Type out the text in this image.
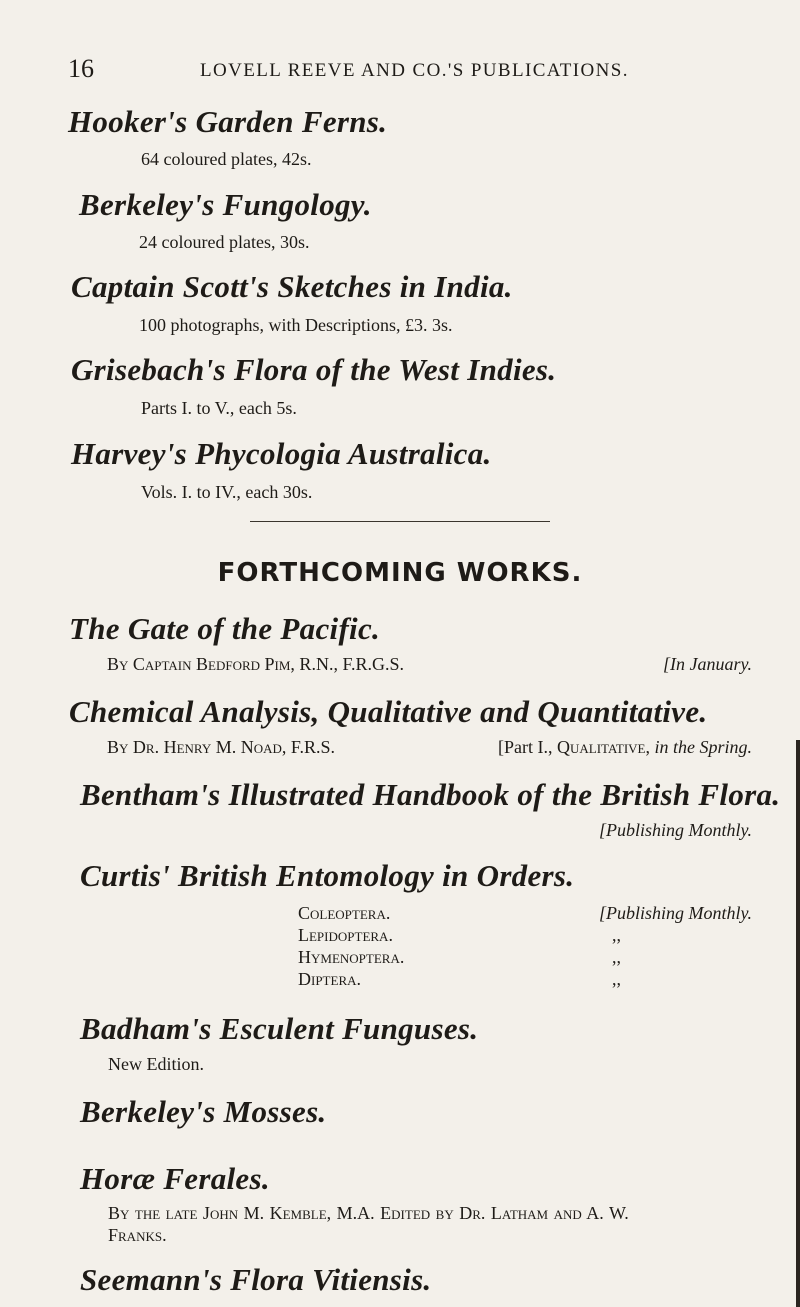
16	LOVELL REEVE AND CO.'S PUBLICATIONS.
Hooker's Garden Ferns.
64 coloured plates, 42s.
Berkeley's Fungology.
24 coloured plates, 30s.
Captain Scott's Sketches in India.
100 photographs, with Descriptions, £3. 3s.
Grisebach's Flora of the West Indies.
Parts I. to V., each 5s.
Harvey's Phycologia Australica.
Vols. I. to IV., each 30s.
FORTHCOMING WORKS.
The Gate of the Pacific.
By Captain Bedford Pim, R.N., F.R.G.S.	[In January.
Chemical Analysis, Qualitative and Quantitative.
By Dr. Henry M. Noad, F.R.S.	[Part I., Qualitative, in the Spring.
Bentham's Illustrated Handbook of the British Flora.
[Publishing Monthly.
Curtis' British Entomology in Orders.
Coleoptera.	[Publishing Monthly.
Lepidoptera.	,,
Hymenoptera.	,,
Diptera.	,,
Badham's Esculent Funguses.
New Edition.
Berkeley's Mosses.
Horæ Ferales.
By the late John M. Kemble, M.A. Edited by Dr. Latham and A. W.
Franks.
Seemann's Flora Vitiensis.
